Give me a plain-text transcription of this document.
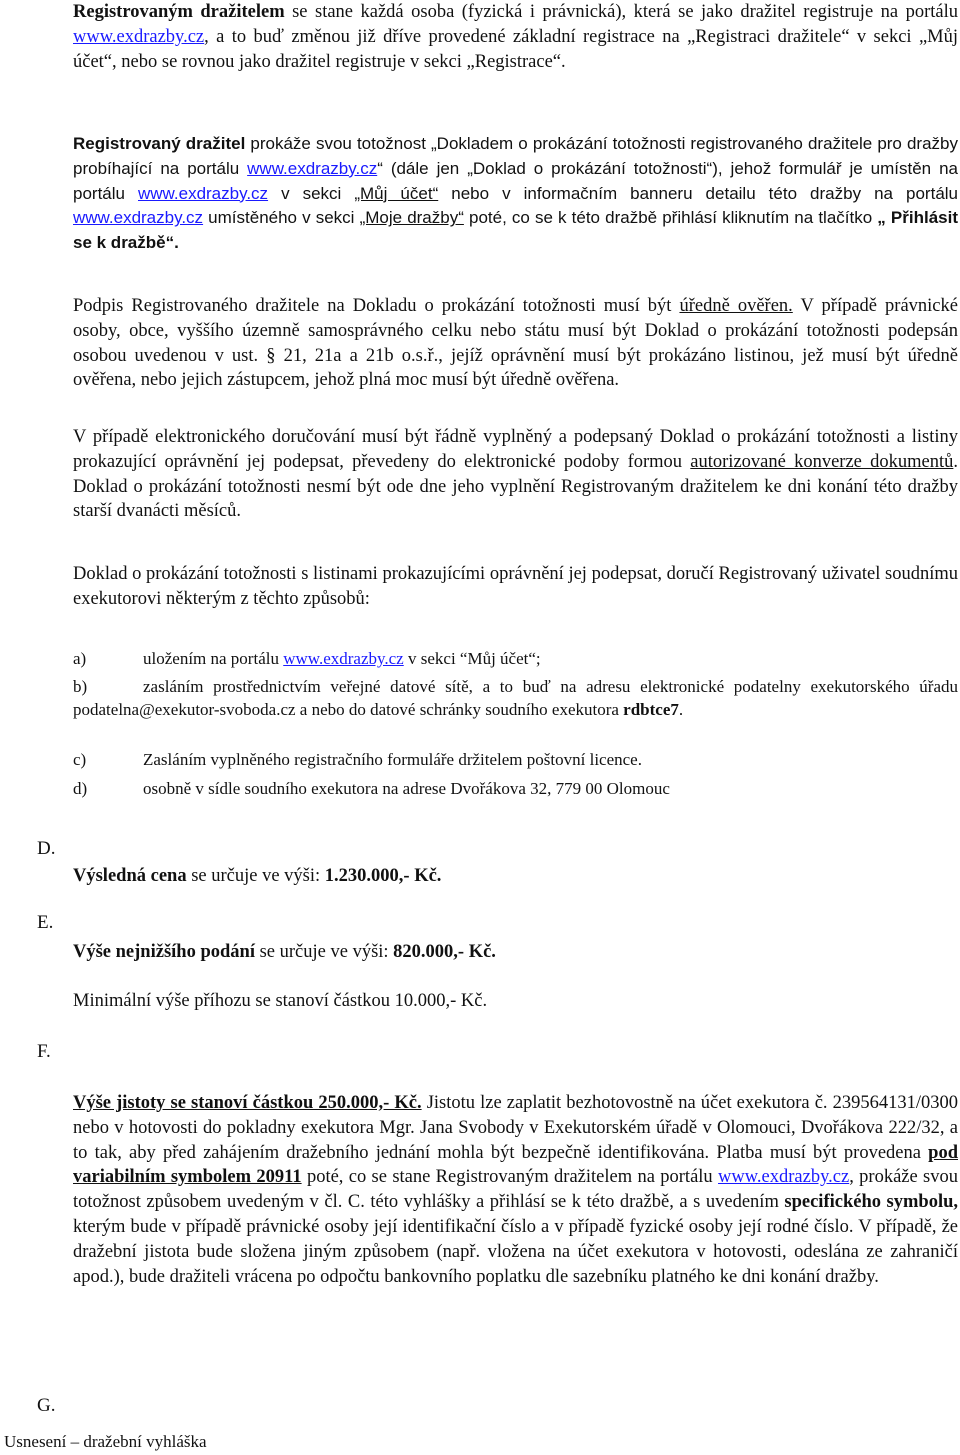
Registrovaným dražitelem se stane každá osoba (fyzická i právnická), která se jako dražitel registruje na portálu www.exdrazby.cz, a to buď změnou již dříve provedené základní registrace na „Registraci dražitele“ v sekci „Můj účet“, nebo se rovnou jako dražitel registruje v sekci „Registrace“.

Registrovaný dražitel prokáže svou totožnost „Dokladem o prokázání totožnosti registrovaného dražitele pro dražby probíhající na portálu www.exdrazby.cz“ (dále jen „Doklad o prokázání totožnosti“), jehož formulář je umístěn na portálu www.exdrazby.cz v sekci „Můj účet“ nebo v informačním banneru detailu této dražby na portálu www.exdrazby.cz umístěného v sekci „Moje dražby“ poté, co se k této dražbě přihlásí kliknutím na tlačítko „ Přihlásit se k dražbě“.

Podpis Registrovaného dražitele na Dokladu o prokázání totožnosti musí být úředně ověřen. V případě právnické osoby, obce, vyššího územně samosprávného celku nebo státu musí být Doklad o prokázání totožnosti podepsán osobou uvedenou v ust. § 21, 21a a 21b o.s.ř., jejíž oprávnění musí být prokázáno listinou, jež musí být úředně ověřena, nebo jejich zástupcem, jehož plná moc musí být úředně ověřena.

V případě elektronického doručování musí být řádně vyplněný a podepsaný Doklad o prokázání totožnosti a listiny prokazující oprávnění jej podepsat, převedeny do elektronické podoby formou autorizované konverze dokumentů. Doklad o prokázání totožnosti nesmí být ode dne jeho vyplnění Registrovaným dražitelem ke dni konání této dražby starší dvanácti měsíců.

Doklad o prokázání totožnosti s listinami prokazujícími oprávnění jej podepsat, doručí Registrovaný uživatel soudnímu exekutorovi některým z těchto způsobů:

a)	uložením na portálu www.exdrazby.cz v sekci “Můj účet“;
b)	zasláním prostřednictvím veřejné datové sítě, a to buď na adresu elektronické podatelny exekutorského úřadu podatelna@exekutor-svoboda.cz a nebo do datové schránky soudního exekutora rdbtce7.
c)	Zasláním vyplněného registračního formuláře držitelem poštovní licence.
d)	osobně v sídle soudního exekutora na adrese Dvořákova 32, 779 00 Olomouc
D.
Výsledná cena se určuje ve výši: 1.230.000,- Kč.
E.
Výše nejnižšího podání se určuje ve výši: 820.000,- Kč.
Minimální výše příhozu se stanoví částkou 10.000,- Kč.
F.

Výše jistoty se stanoví částkou 250.000,- Kč. Jistotu lze zaplatit bezhotovostně na účet exekutora č. 239564131/0300 nebo v hotovosti do pokladny exekutora Mgr. Jana Svobody v Exekutorském úřadě v Olomouci, Dvořákova 222/32, a to tak, aby před zahájením dražebního jednání mohla být bezpečně identifikována. Platba musí být provedena pod variabilním symbolem 20911 poté, co se stane Registrovaným dražitelem na portálu www.exdrazby.cz, prokáže svou totožnost způsobem uvedeným v čl. C. této vyhlášky a přihlásí se k této dražbě, a s uvedením specifického symbolu, kterým bude v případě právnické osoby její identifikační číslo a v případě fyzické osoby její rodné číslo. V případě, že dražební jistota bude složena jiným způsobem (např. vložena na účet exekutora v hotovosti, odeslána ze zahraničí apod.), bude dražiteli vrácena po odpočtu bankovního poplatku dle sazebníku platného ke dni konání dražby.

G.
Usnesení – dražební vyhláška
